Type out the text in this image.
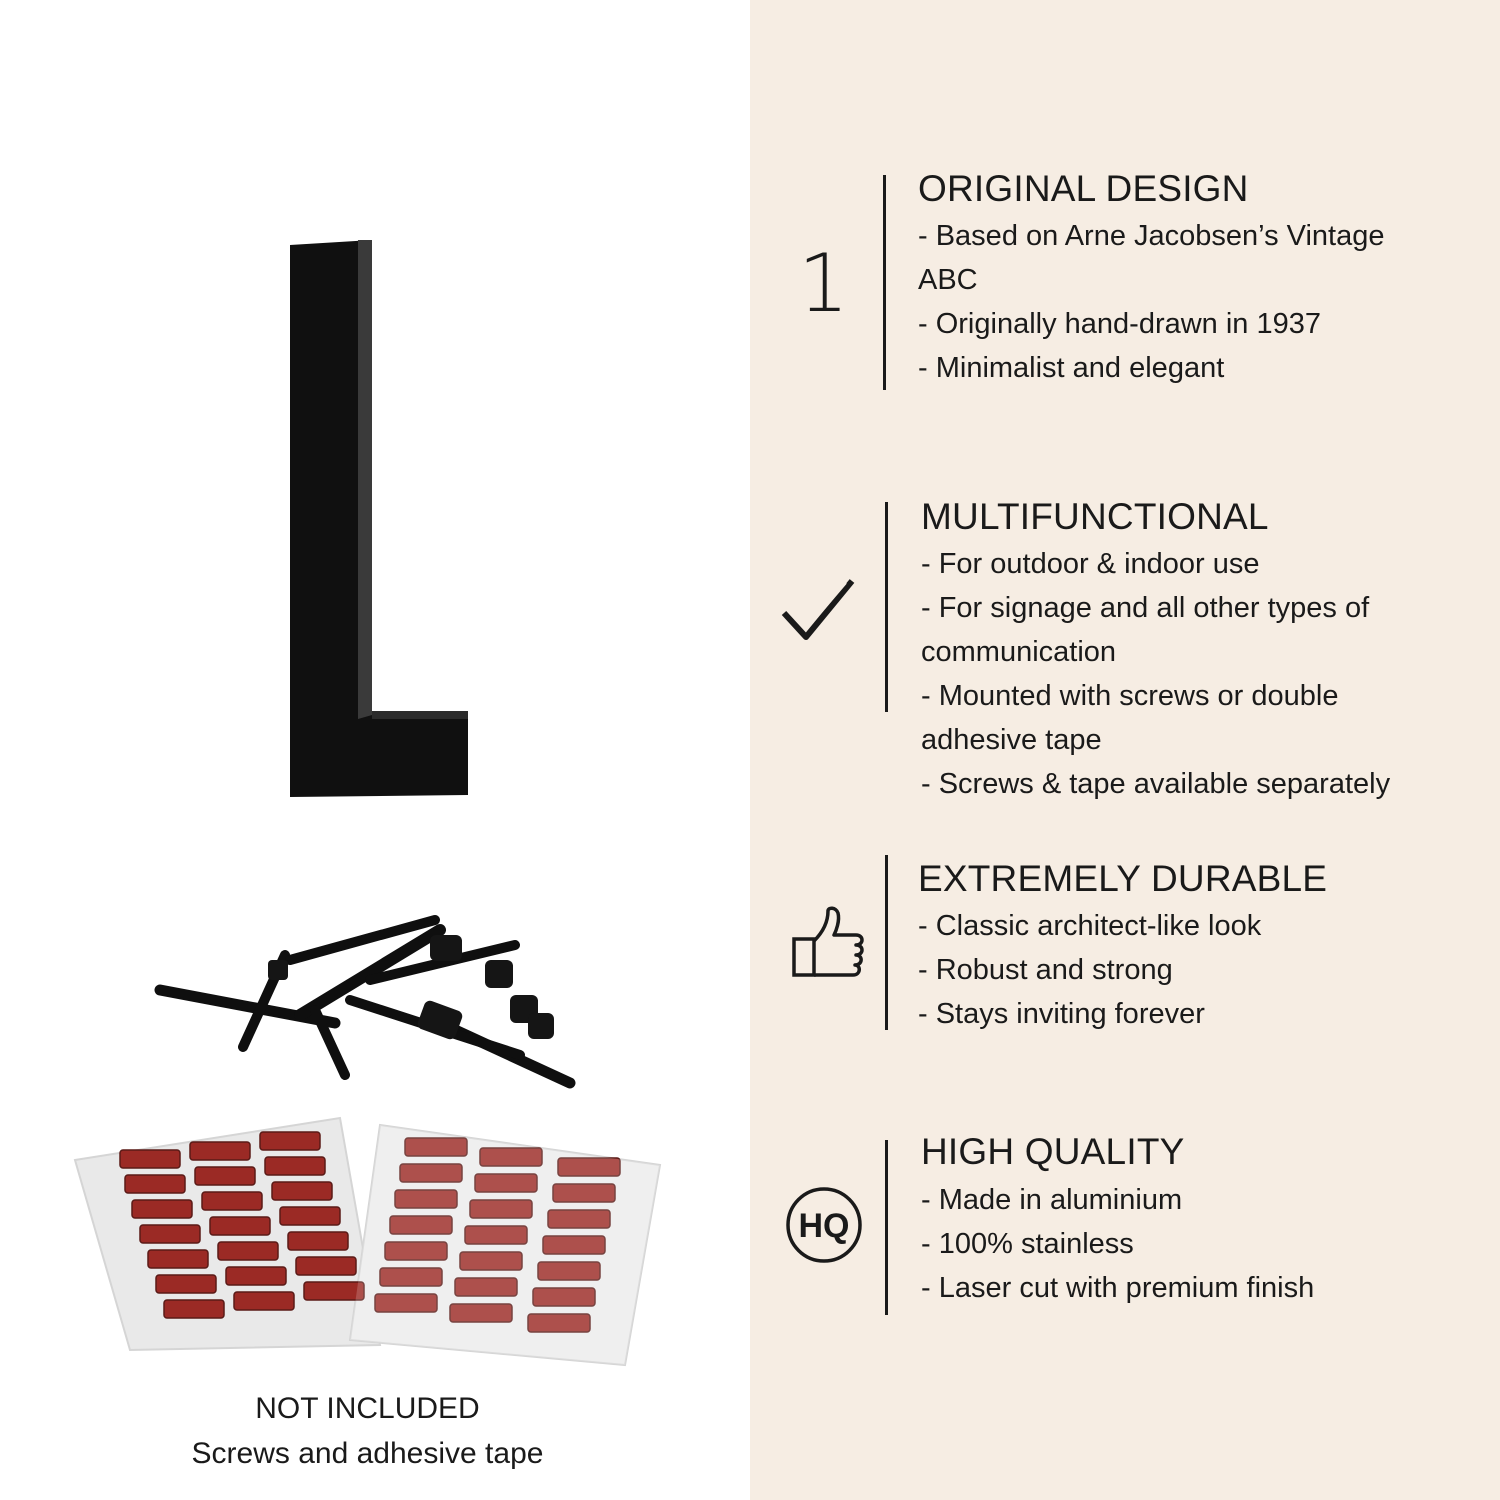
NOT INCLUDED
Screws and adhesive tape
1
ORIGINAL DESIGN
- Based on Arne Jacobsen’s Vintage
ABC
- Originally hand-drawn in 1937
- Minimalist and elegant
MULTIFUNCTIONAL
- For outdoor & indoor use
- For signage and all other types of
communication
- Mounted with screws or double
adhesive tape
- Screws & tape available separately
EXTREMELY DURABLE
- Classic architect-like look
- Robust and strong
- Stays inviting forever
HQ
HIGH QUALITY
- Made in aluminium
- 100% stainless
- Laser cut with premium finish
